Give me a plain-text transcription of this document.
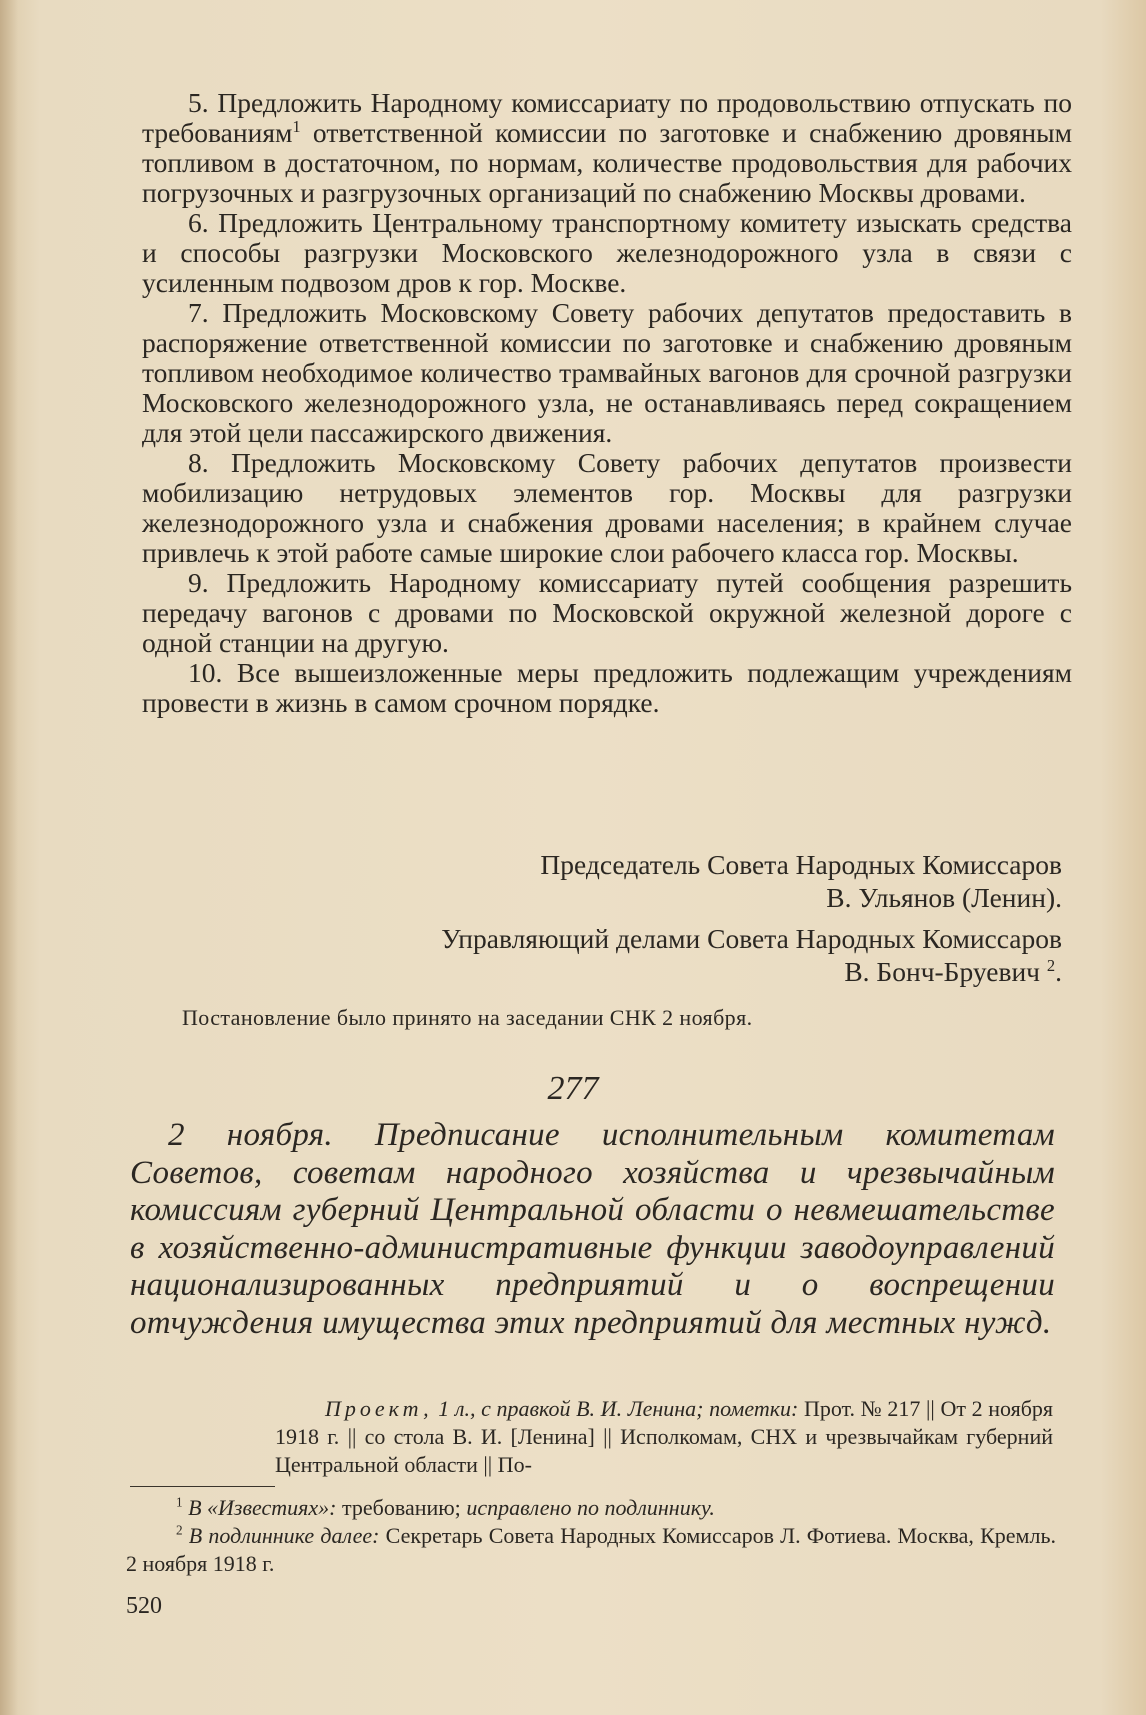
5. Предложить Народному комиссариату по продовольствию отпускать по требованиям$^1$ ответственной комиссии по заготовке и снабжению дровяным топливом в достаточном, по нормам, количестве продовольствия для рабочих погрузочных и разгрузочных организаций по снабжению Москвы дровами.

6. Предложить Центральному транспортному комитету изыскать средства и способы разгрузки Московского железнодорожного узла в связи с усиленным подвозом дров к гор. Москве.

7. Предложить Московскому Совету рабочих депутатов предоставить в распоряжение ответственной комиссии по заготовке и снабжению дровяным топливом необходимое количество трамвайных вагонов для срочной разгрузки Московского железнодорожного узла, не останавливаясь перед сокращением для этой цели пассажирского движения.

8. Предложить Московскому Совету рабочих депутатов произвести мобилизацию нетрудовых элементов гор. Москвы для разгрузки железнодорожного узла и снабжения дровами населения; в крайнем случае привлечь к этой работе самые широкие слои рабочего класса гор. Москвы.

9. Предложить Народному комиссариату путей сообщения разрешить передачу вагонов с дровами по Московской окружной железной дороге с одной станции на другую.

10. Все вышеизложенные меры предложить подлежащим учреждениям провести в жизнь в самом срочном порядке.

Председатель Совета Народных Комиссаров
В. Ульянов (Ленин).
Управляющий делами Совета Народных Комиссаров
В. Бонч-Бруевич $^2$.
Постановление было принято на заседании СНК 2 ноября.
277
2 ноября. Предписание исполнительным комитетам Советов, советам народного хозяйства и чрезвычайным комиссиям губерний Центральной области о невмешательстве в хозяйственно-административные функции заводоуправлений национализированных предприятий и о воспрещении отчуждения имущества этих предприятий для местных нужд.
Проект, 1 л., с правкой В. И. Ленина; пометки: Прот. № 217 || От 2 ноября 1918 г. || со стола В. И. [Ленина] || Исполкомам, СНХ и чрезвычайкам губерний Центральной области || По-

$^1$ В «Известиях»: требованию; исправлено по подлиннику.

$^2$ В подлиннике далее: Секретарь Совета Народных Комиссаров Л. Фотиева. Москва, Кремль. 2 ноября 1918 г.

520
